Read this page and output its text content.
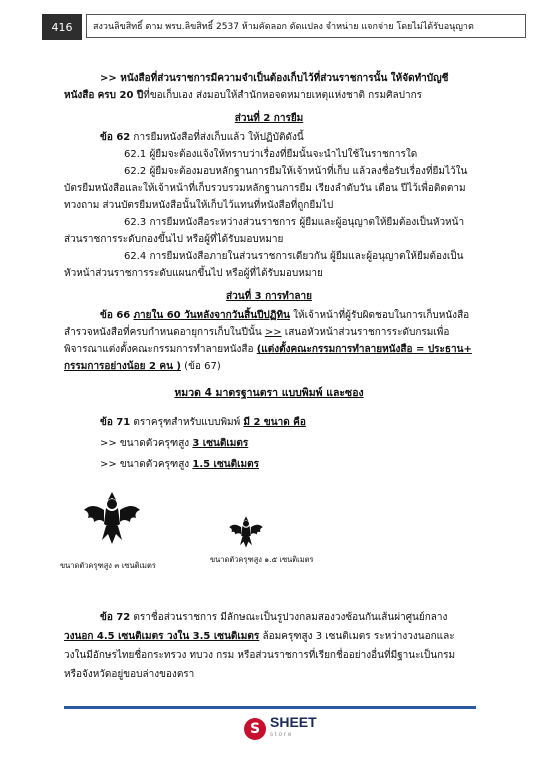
416	สงวนลิขสิทธิ์ ตาม พรบ.ลิขสิทธิ์ 2537 ห้ามคัดลอก ดัดแปลง จำหน่าย แจกจ่าย โดยไม่ได้รับอนุญาต

>> หนังสือที่ส่วนราชการมีความจำเป็นต้องเก็บไว้ที่ส่วนราชการนั้น ให้จัดทำบัญชีหนังสือ ครบ 20 ปีที่ขอเก็บเอง ส่งมอบให้สำนักหอจดหมายเหตุแห่งชาติ กรมศิลปากร

ส่วนที่ 2 การยืม

ข้อ 62 การยืมหนังสือที่ส่งเก็บแล้ว ให้ปฏิบัติดังนี้

62.1 ผู้ยืมจะต้องแจ้งให้ทราบว่าเรื่องที่ยืมนั้นจะนำไปใช้ในราชการใด

62.2 ผู้ยืมจะต้องมอบหลักฐานการยืมให้เจ้าหน้าที่เก็บ แล้วลงชื่อรับเรื่องที่ยืมไว้ในบัตรยืมหนังสือและให้เจ้าหน้าที่เก็บรวบรวมหลักฐานการยืม เรียงลำดับวัน เดือน ปีไว้เพื่อติดตามทวงถาม ส่วนบัตรยืมหนังสือนั้นให้เก็บไว้แทนที่หนังสือที่ถูกยืมไป

62.3 การยืมหนังสือระหว่างส่วนราชการ ผู้ยืมและผู้อนุญาตให้ยืมต้องเป็นหัวหน้าส่วนราชการระดับกองขึ้นไป หรือผู้ที่ได้รับมอบหมาย

62.4 การยืมหนังสือภายในส่วนราชการเดียวกัน ผู้ยืมและผู้อนุญาตให้ยืมต้องเป็นหัวหน้าส่วนราชการระดับแผนกขึ้นไป หรือผู้ที่ได้รับมอบหมาย

ส่วนที่ 3 การทำลาย

ข้อ 66 ภายใน 60 วันหลังจากวันสิ้นปีปฏิทิน ให้เจ้าหน้าที่ผู้รับผิดชอบในการเก็บหนังสือสำรวจหนังสือที่ครบกำหนดอายุการเก็บในปีนั้น >> เสนอหัวหน้าส่วนราชการระดับกรมเพื่อพิจารณาแต่งตั้งคณะกรรมการทำลายหนังสือ (แต่งตั้งคณะกรรมการทำลายหนังสือ = ประธาน+ กรรมการอย่างน้อย 2 คน ) (ข้อ 67)

หมวด 4 มาตรฐานตรา แบบพิมพ์ และซอง

ข้อ 71 ตราครุฑสำหรับแบบพิมพ์ มี 2 ขนาด คือ

>> ขนาดตัวครุฑสูง 3 เซนติเมตร

>> ขนาดตัวครุฑสูง 1.5 เซนติเมตร

ขนาดตัวครุฑสูง ๓ เซนติเมตร
ขนาดตัวครุฑสูง ๑.๕ เซนติเมตร

ข้อ 72 ตราชื่อส่วนราชการ มีลักษณะเป็นรูปวงกลมสองวงซ้อนกันเส้นผ่าศูนย์กลางวงนอก 4.5 เซนติเมตร วงใน 3.5 เซนติเมตร ล้อมครุฑสูง 3 เซนติเมตร ระหว่างวงนอกและวงในมีอักษรไทยชื่อกระทรวง ทบวง กรม หรือส่วนราชการที่เรียกชื่ออย่างอื่นที่มีฐานะเป็นกรม หรือจังหวัดอยู่ขอบล่างของตรา

S SHEET
store
